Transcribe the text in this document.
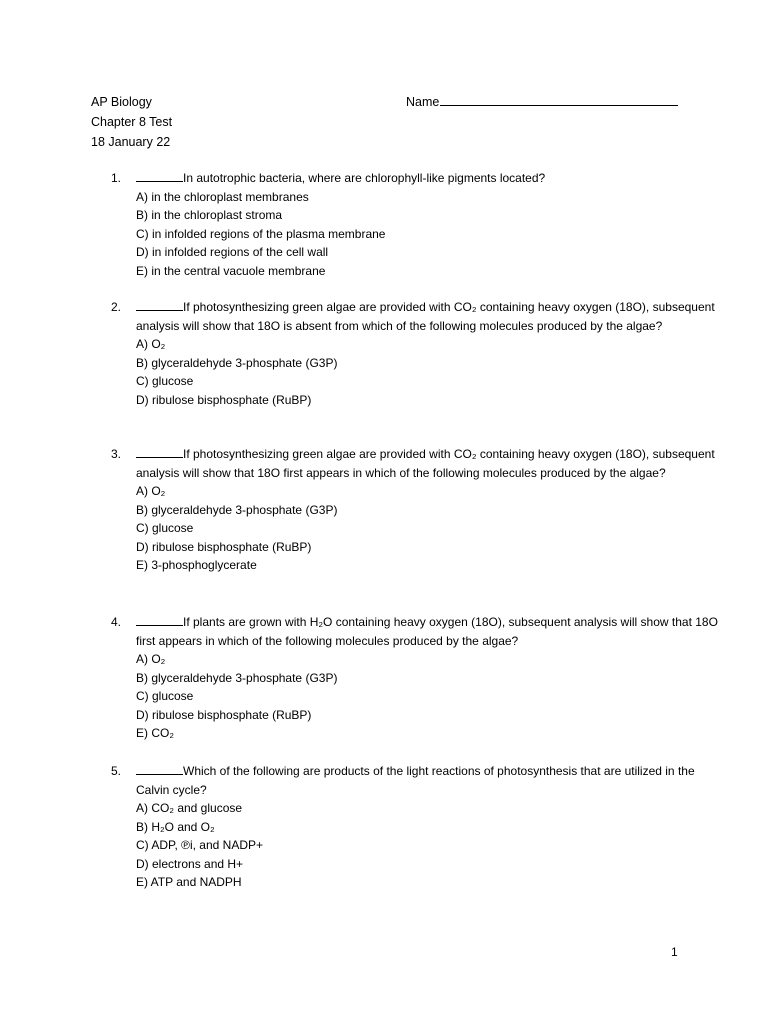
AP Biology
Chapter 8 Test
18 January 22
Name
1.	In autotrophic bacteria, where are chlorophyll-like pigments located?
A) in the chloroplast membranes
B) in the chloroplast stroma
C) in infolded regions of the plasma membrane
D) in infolded regions of the cell wall
E) in the central vacuole membrane
2.	If photosynthesizing green algae are provided with CO₂ containing heavy oxygen (18O), subsequent analysis will show that 18O is absent from which of the following molecules produced by the algae?
A) O₂
B) glyceraldehyde 3-phosphate (G3P)
C) glucose
D) ribulose bisphosphate (RuBP)
3.	If photosynthesizing green algae are provided with CO₂ containing heavy oxygen (18O), subsequent analysis will show that 18O first appears in which of the following molecules produced by the algae?
A) O₂
B) glyceraldehyde 3-phosphate (G3P)
C) glucose
D) ribulose bisphosphate (RuBP)
E) 3-phosphoglycerate
4.	If plants are grown with H₂O containing heavy oxygen (18O), subsequent analysis will show that 18O first appears in which of the following molecules produced by the algae?
A) O₂
B) glyceraldehyde 3-phosphate (G3P)
C) glucose
D) ribulose bisphosphate (RuBP)
E) CO₂
5.	Which of the following are products of the light reactions of photosynthesis that are utilized in the Calvin cycle?
A) CO₂ and glucose
B) H₂O and O₂
C) ADP, ℗i, and NADP+
D) electrons and H+
E) ATP and NADPH
1
